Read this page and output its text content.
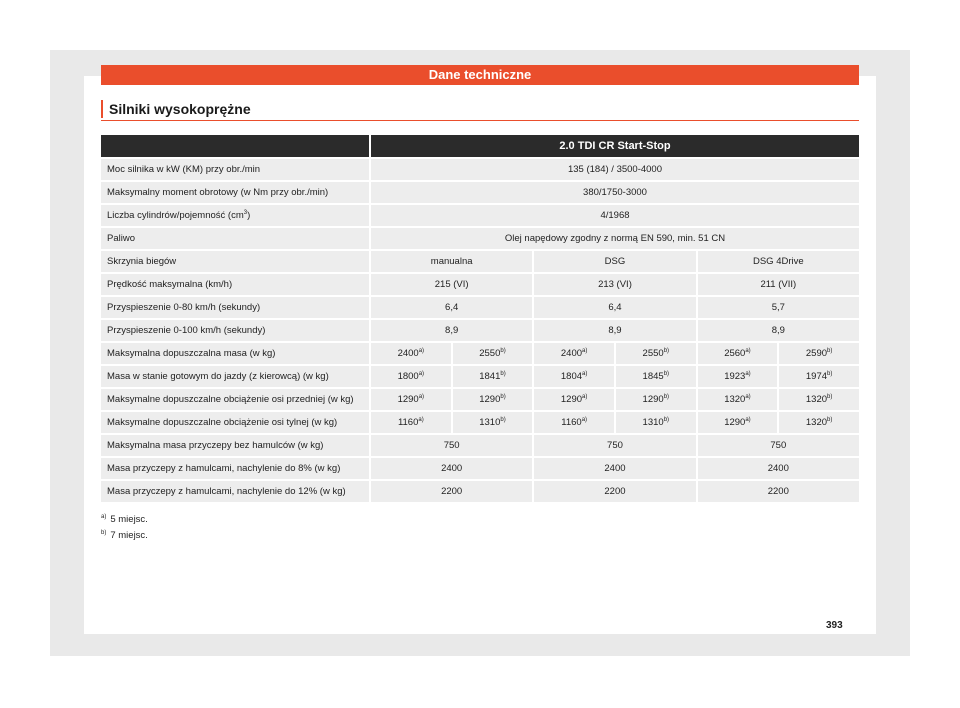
Dane techniczne
Silniki wysokoprężne
	2.0 TDI CR Start-Stop					
Moc silnika w kW (KM) przy obr./min	135 (184) / 3500-4000					
Maksymalny moment obrotowy (w Nm przy obr./min)	380/1750-3000					
Liczba cylindrów/pojemność $(cm^3)$	4/1968					
Paliwo	Olej napędowy zgodny z normą EN 590, min. 51 CN					
Skrzynia biegów	manualna		DSG		DSG 4Drive	
Prędkość maksymalna (km/h)	215 (VI)		213 (VI)		211 (VII)	
Przyspieszenie 0-80 km/h (sekundy)	6,4		6,4		5,7	
Przyspieszenie 0-100 km/h (sekundy)	8,9		8,9		8,9	
Maksymalna dopuszczalna masa (w kg)	2400$^{a)}$	2550$^{b)}$	2400$^{a)}$	2550$^{b)}$	2560$^{a)}$	2590$^{b)}$
Masa w stanie gotowym do jazdy (z kierowcą) (w kg)	1800$^{a)}$	1841$^{b)}$	1804$^{a)}$	1845$^{b)}$	1923$^{a)}$	1974$^{b)}$
Maksymalne dopuszczalne obciążenie osi przedniej (w kg)	1290$^{a)}$	1290$^{b)}$	1290$^{a)}$	1290$^{b)}$	1320$^{a)}$	1320$^{b)}$
Maksymalne dopuszczalne obciążenie osi tylnej (w kg)	1160$^{a)}$	1310$^{b)}$	1160$^{a)}$	1310$^{b)}$	1290$^{a)}$	1320$^{b)}$
Maksymalna masa przyczepy bez hamulców (w kg)	750		750		750	
Masa przyczepy z hamulcami, nachylenie do 8% (w kg)	2400		2400		2400	
Masa przyczepy z hamulcami, nachylenie do 12% (w kg)	2200		2200		2200	
$^{a)}$ 5 miejsc.
$^{b)}$ 7 miejsc.
393
